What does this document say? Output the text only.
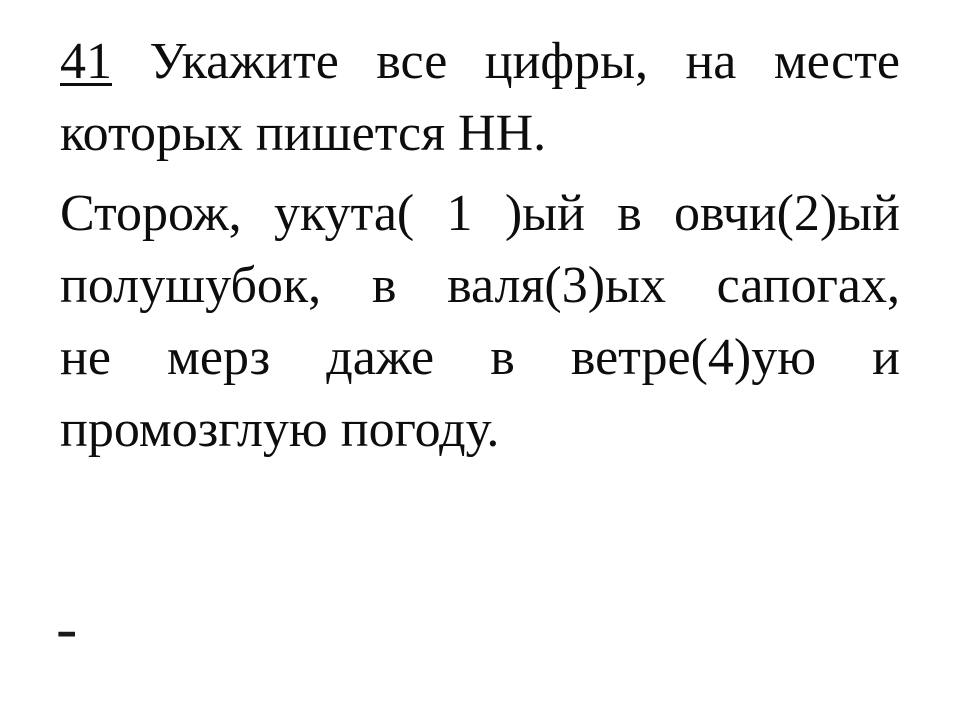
41 Укажите все цифры, на месте
которых пишется НН.
Сторож, укута( 1 )ый в овчи(2)ый
полушубок, в валя(3)ых сапогах,
не мерз даже в ветре(4)ую и
промозглую погоду.
-
